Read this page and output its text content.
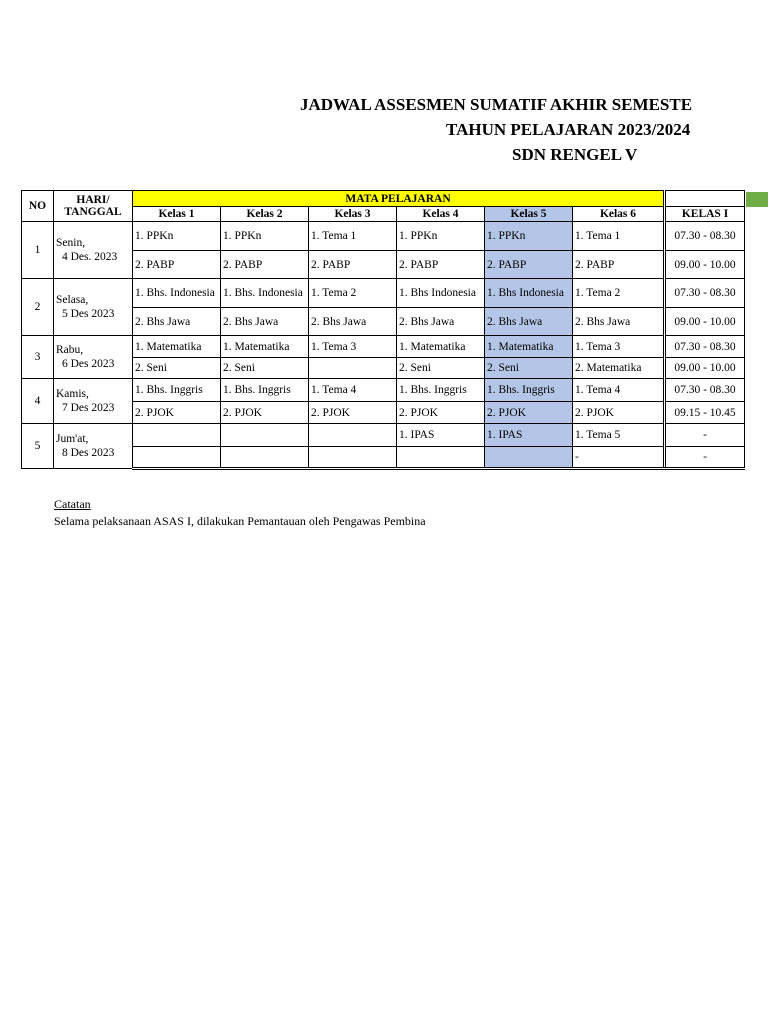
JADWAL ASSESMEN SUMATIF AKHIR SEMESTE
TAHUN PELAJARAN 2023/2024
SDN RENGEL V
NO	HARI/
TANGGAL	MATA PELAJARAN						
		Kelas 1	Kelas 2	Kelas 3	Kelas 4	Kelas 5	Kelas 6	KELAS I
1	Senin,
4 Des. 2023	1. PPKn	1. PPKn	1. Tema 1	1. PPKn	1. PPKn	1. Tema 1	07.30 - 08.30
		2. PABP	2. PABP	2. PABP	2. PABP	2. PABP	2. PABP	09.00 - 10.00
2	Selasa,
5 Des 2023	1. Bhs. Indonesia	1. Bhs. Indonesia	1. Tema 2	1. Bhs Indonesia	1. Bhs Indonesia	1. Tema 2	07.30 - 08.30
		2. Bhs Jawa	2. Bhs Jawa	2. Bhs Jawa	2. Bhs Jawa	2. Bhs Jawa	2. Bhs Jawa	09.00 - 10.00
3	Rabu,
6 Des 2023	1. Matematika	1. Matematika	1. Tema 3	1. Matematika	1. Matematika	1. Tema 3	07.30 - 08.30
		2. Seni	2. Seni		2. Seni	2. Seni	2. Matematika	09.00 - 10.00
4	Kamis,
7 Des 2023	1. Bhs. Inggris	1. Bhs. Inggris	1. Tema 4	1. Bhs. Inggris	1. Bhs. Inggris	1. Tema 4	07.30 - 08.30
		2. PJOK	2. PJOK	2. PJOK	2. PJOK	2. PJOK	2. PJOK	09.15 - 10.45
5	Jum'at,
8 Des 2023				1. IPAS	1. IPAS	1. Tema 5	-
							-	-
Catatan
Selama pelaksanaan ASAS I, dilakukan Pemantauan oleh Pengawas Pembina
